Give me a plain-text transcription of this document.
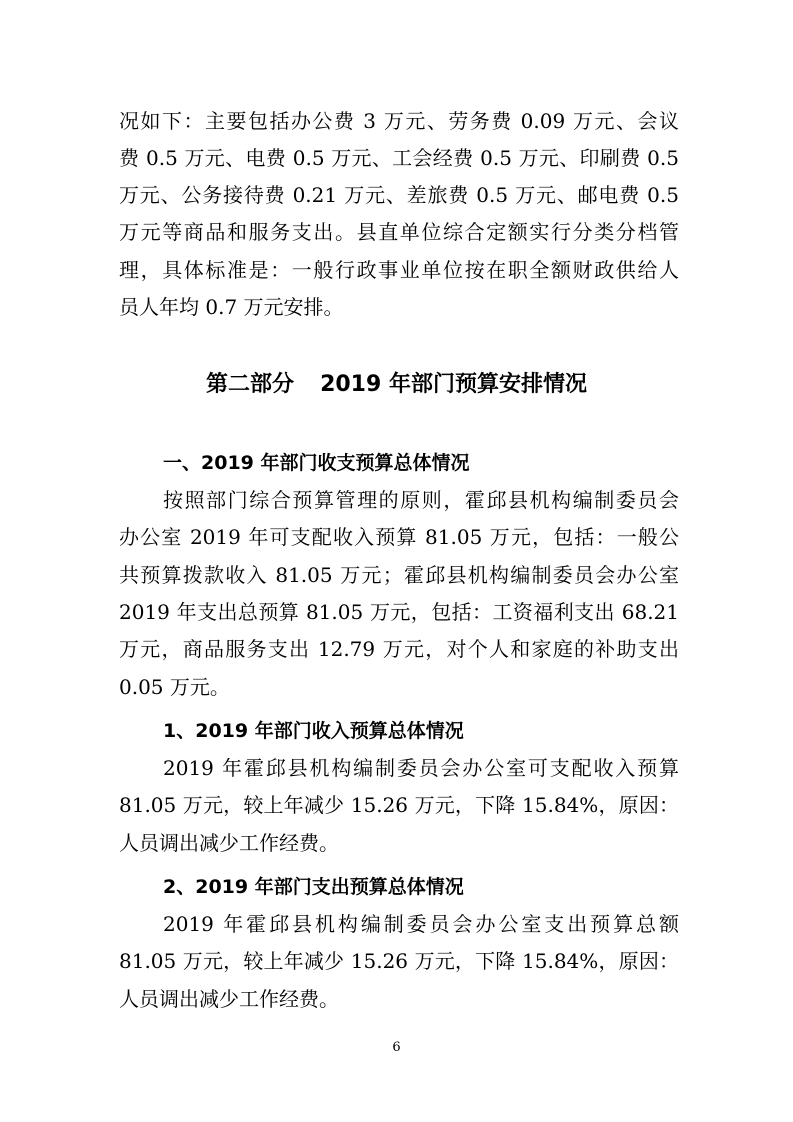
况如下：主要包括办公费 3 万元、劳务费 0.09 万元、会议
费 0.5 万元、电费 0.5 万元、工会经费 0.5 万元、印刷费 0.5
万元、公务接待费 0.21 万元、差旅费 0.5 万元、邮电费 0.5
万元等商品和服务支出。县直单位综合定额实行分类分档管
理，具体标准是：一般行政事业单位按在职全额财政供给人
员人年均 0.7 万元安排。
第二部分 2019 年部门预算安排情况
一、2019 年部门收支预算总体情况
按照部门综合预算管理的原则，霍邱县机构编制委员会
办公室 2019 年可支配收入预算 81.05 万元，包括：一般公
共预算拨款收入 81.05 万元；霍邱县机构编制委员会办公室
2019 年支出总预算 81.05 万元，包括：工资福利支出 68.21
万元，商品服务支出 12.79 万元，对个人和家庭的补助支出
0.05 万元。
1、2019 年部门收入预算总体情况
2019 年霍邱县机构编制委员会办公室可支配收入预算
81.05 万元，较上年减少 15.26 万元，下降 15.84%，原因：
人员调出减少工作经费。
2、2019 年部门支出预算总体情况
2019 年霍邱县机构编制委员会办公室支出预算总额
81.05 万元，较上年减少 15.26 万元，下降 15.84%，原因：
人员调出减少工作经费。
6
